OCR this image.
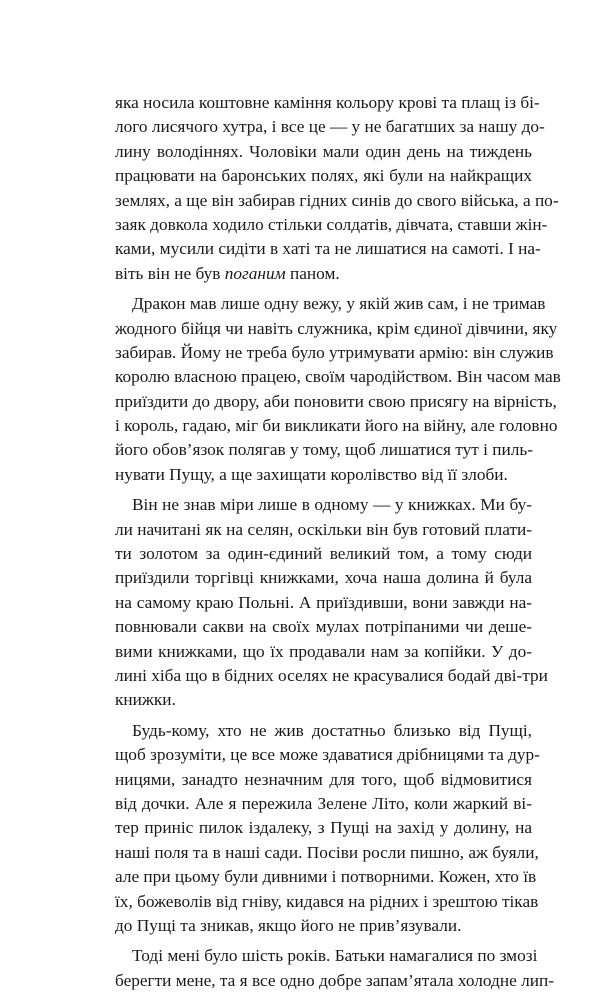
яка носила коштовне каміння кольору крові та плащ із бі-
лого лисячого хутра, і все це — у не багатших за нашу до-
лину володіннях. Чоловіки мали один день на тиждень
працювати на баронських полях, які були на найкращих
землях, а ще він забирав гідних синів до свого війська, а по-
заяк довкола ходило стільки солдатів, дівчата, ставши жін-
ками, мусили сидіти в хаті та не лишатися на самоті. І на-
віть він не був поганим паном.
Дракон мав лише одну вежу, у якій жив сам, і не тримав
жодного бійця чи навіть служника, крім єдиної дівчини, яку
забирав. Йому не треба було утримувати армію: він служив
королю власною працею, своїм чародійством. Він часом мав
приїздити до двору, аби поновити свою присягу на вірність,
і король, гадаю, міг би викликати його на війну, але головно
його обов’язок полягав у тому, щоб лишатися тут і пиль-
нувати Пущу, а ще захищати королівство від її злоби.
Він не знав міри лише в одному — у книжках. Ми бу-
ли начитані як на селян, оскільки він був готовий плати-
ти золотом за один-єдиний великий том, а тому сюди
приїздили торгівці книжками, хоча наша долина й була
на самому краю Польні. А приїздивши, вони завжди на-
повнювали сакви на своїх мулах потріпаними чи деше-
вими книжками, що їх продавали нам за копійки. У до-
лині хіба що в бідних оселях не красувалися бодай дві-три
книжки.
Будь-кому, хто не жив достатньо близько від Пущі,
щоб зрозуміти, це все може здаватися дрібницями та дур-
ницями, занадто незначним для того, щоб відмовитися
від дочки. Але я пережила Зелене Літо, коли жаркий ві-
тер приніс пилок іздалеку, з Пущі на захід у долину, на
наші поля та в наші сади. Посіви росли пишно, аж буяли,
але при цьому були дивними і потворними. Кожен, хто їв
їх, божеволів від гніву, кидався на рідних і зрештою тікав
до Пущі та зникав, якщо його не прив’язували.
Тоді мені було шість років. Батьки намагалися по змозі
берегти мене, та я все одно добре запам’ятала холодне лип-
